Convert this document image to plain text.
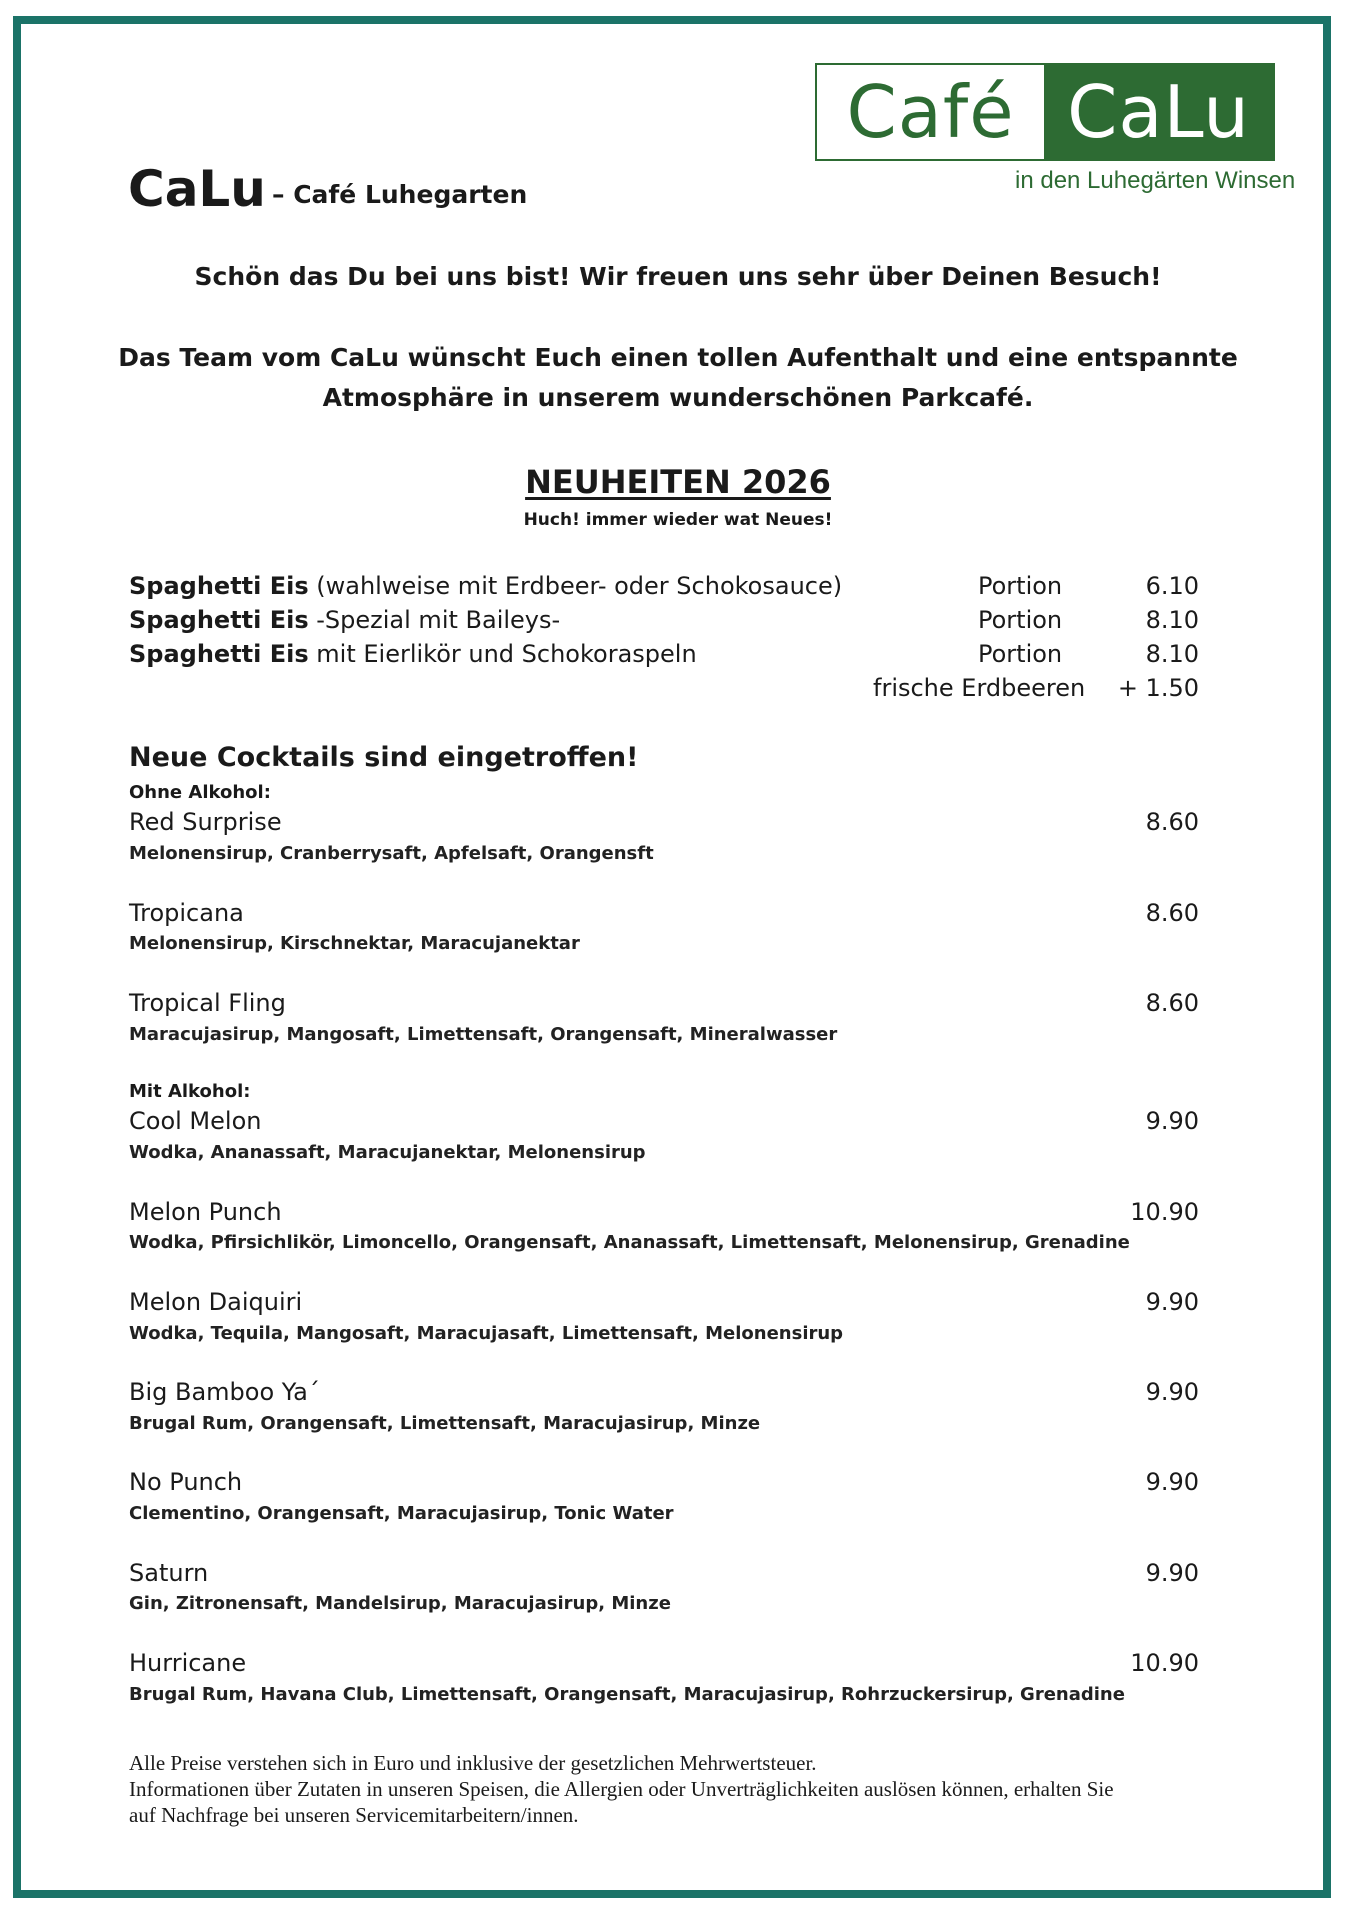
Café CaLu
in den Luhegärten Winsen
CaLu – Café Luhegarten
Schön das Du bei uns bist! Wir freuen uns sehr über Deinen Besuch!
Das Team vom CaLu wünscht Euch einen tollen Aufenthalt und eine entspannte
Atmosphäre in unserem wunderschönen Parkcafé.
NEUHEITEN 2026
Huch! immer wieder wat Neues!
Spaghetti Eis (wahlweise mit Erdbeer- oder Schokosauce)	Portion	6.10
Spaghetti Eis -Spezial mit Baileys-	Portion	8.10
Spaghetti Eis mit Eierlikör und Schokoraspeln	Portion	8.10
frische Erdbeeren + 1.50
Neue Cocktails sind eingetroffen!
Ohne Alkohol:
Red Surprise	8.60
Melonensirup, Cranberrysaft, Apfelsaft, Orangensft
Tropicana	8.60
Melonensirup, Kirschnektar, Maracujanektar
Tropical Fling	8.60
Maracujasirup, Mangosaft, Limettensaft, Orangensaft, Mineralwasser
Mit Alkohol:
Cool Melon	9.90
Wodka, Ananassaft, Maracujanektar, Melonensirup
Melon Punch	10.90
Wodka, Pfirsichlikör, Limoncello, Orangensaft, Ananassaft, Limettensaft, Melonensirup, Grenadine
Melon Daiquiri	9.90
Wodka, Tequila, Mangosaft, Maracujasaft, Limettensaft, Melonensirup
Big Bamboo Ya´	9.90
Brugal Rum, Orangensaft, Limettensaft, Maracujasirup, Minze
No Punch	9.90
Clementino, Orangensaft, Maracujasirup, Tonic Water
Saturn	9.90
Gin, Zitronensaft, Mandelsirup, Maracujasirup, Minze
Hurricane	10.90
Brugal Rum, Havana Club, Limettensaft, Orangensaft, Maracujasirup, Rohrzuckersirup, Grenadine
Alle Preise verstehen sich in Euro und inklusive der gesetzlichen Mehrwertsteuer.
Informationen über Zutaten in unseren Speisen, die Allergien oder Unverträglichkeiten auslösen können, erhalten Sie
auf Nachfrage bei unseren Servicemitarbeitern/innen.
